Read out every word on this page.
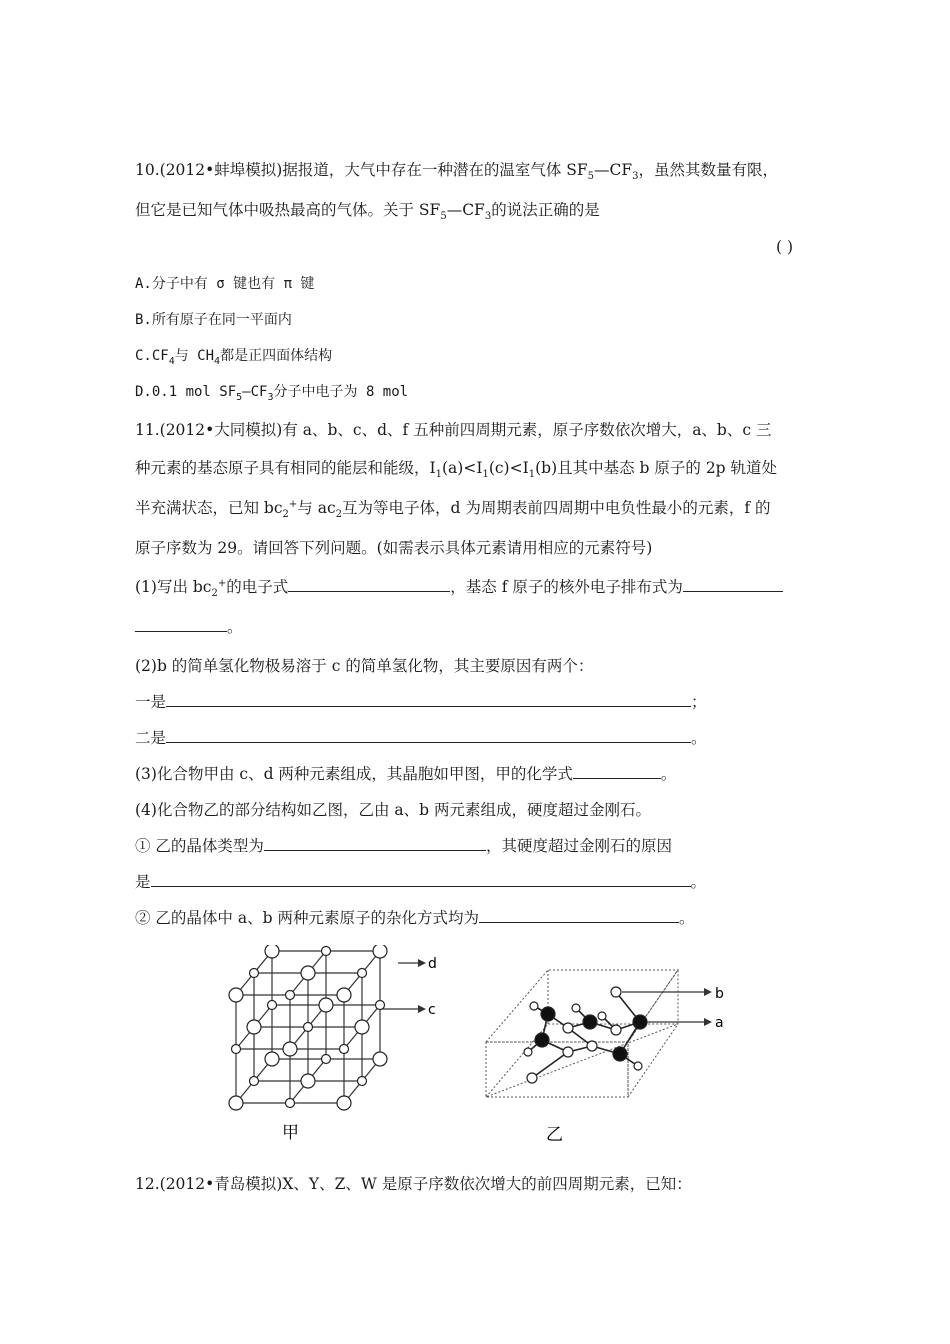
10.(2012•蚌埠模拟)据报道，大气中存在一种潜在的温室气体 $SF_5—CF_3$，虽然其数量有限，
但它是已知气体中吸热最高的气体。关于 $SF_5—CF_3$的说法正确的是
( )
A.分子中有 σ 键也有 π 键
B.所有原子在同一平面内
$C.CF_4$与 $CH_4$都是正四面体结构
D.0.1 mol $SF_5—CF_3$分子中电子为 8 mol
11.(2012•大同模拟)有 a、b、c、d、f 五种前四周期元素，原子序数依次增大，a、b、c 三
种元素的基态原子具有相同的能层和能级，$I_1(a)<I_1(c)<I_1(b)$且其中基态 b 原子的 2p 轨道处
半充满状态，已知 $bc_2^+$与 $ac_2$互为等电子体，d 为周期表前四周期中电负性最小的元素，f 的
原子序数为 29。请回答下列问题。(如需表示具体元素请用相应的元素符号)
(1)写出 $bc_2^+$的电子式	，基态 f 原子的核外电子排布式为
。
(2)b 的简单氢化物极易溶于 c 的简单氢化物，其主要原因有两个：
一是	；
二是	。
(3)化合物甲由 c、d 两种元素组成，其晶胞如甲图，甲的化学式	。
(4)化合物乙的部分结构如乙图，乙由 a、b 两元素组成，硬度超过金刚石。
① 乙的晶体类型为	，其硬度超过金刚石的原因
是	。
② 乙的晶体中 a、b 两种元素原子的杂化方式均为	。
d
c
甲
b
a
乙
12.(2012•青岛模拟)X、Y、Z、W 是原子序数依次增大的前四周期元素，已知：
